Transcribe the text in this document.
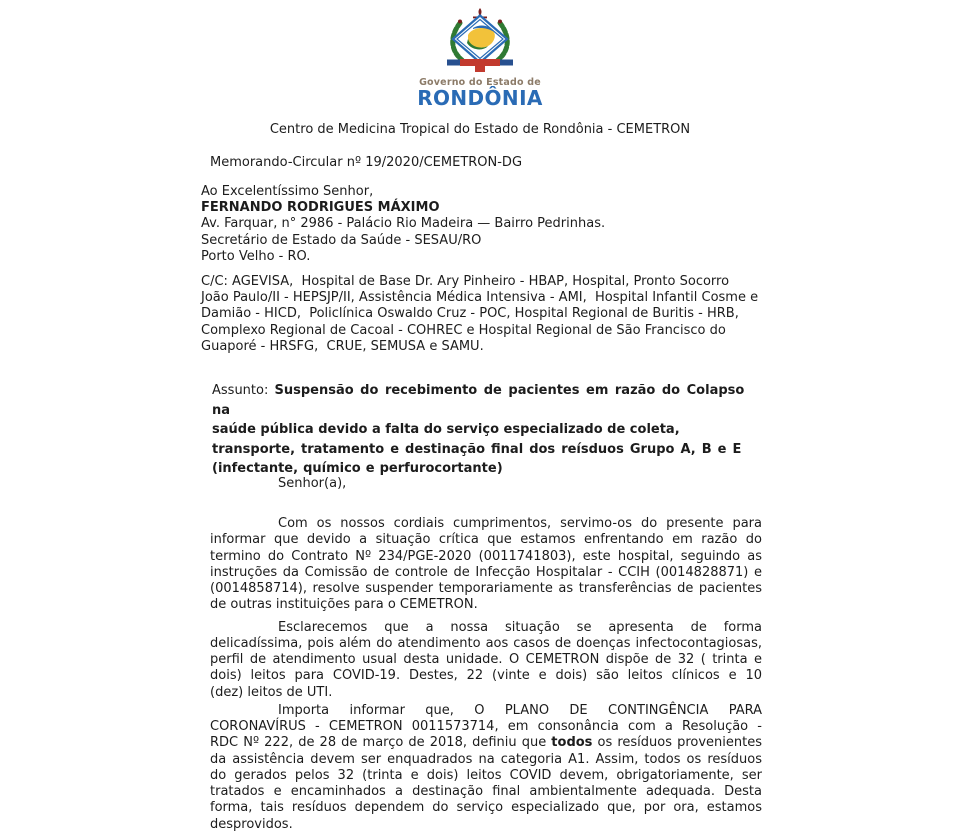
Governo do Estado de
RONDÔNIA
Centro de Medicina Tropical do Estado de Rondônia - CEMETRON
Memorando-Circular nº 19/2020/CEMETRON-DG
Ao Excelentíssimo Senhor,
FERNANDO RODRIGUES MÁXIMO
Av. Farquar, n° 2986 - Palácio Rio Madeira — Bairro Pedrinhas.
Secretário de Estado da Saúde - SESAU/RO
Porto Velho - RO.
C/C: AGEVISA,  Hospital de Base Dr. Ary Pinheiro - HBAP, Hospital, Pronto Socorro
João Paulo/II - HEPSJP/II, Assistência Médica Intensiva - AMI,  Hospital Infantil Cosme e
Damião - HICD,  Policlínica Oswaldo Cruz - POC, Hospital Regional de Buritis - HRB,
Complexo Regional de Cacoal - COHREC e Hospital Regional de São Francisco do
Guaporé - HRSFG,  CRUE, SEMUSA e SAMU.
Assunto: Suspensão do recebimento de pacientes em razão do Colapso na
saúde pública devido a falta do serviço especializado de coleta,
transporte, tratamento e destinação final dos reísduos Grupo A, B e E
(infectante, químico e perfurocortante)
Senhor(a),
Com os nossos cordiais cumprimentos, servimo-os do presente para
informar que devido a situação crítica que estamos enfrentando em razão do
termino do Contrato Nº 234/PGE-2020 (0011741803), este hospital, seguindo as
instruções da Comissão de controle de Infecção Hospitalar - CCIH (0014828871) e
(0014858714), resolve suspender temporariamente as transferências de pacientes
de outras instituições para o CEMETRON.
Esclarecemos que a nossa situação se apresenta de forma
delicadíssima, pois além do atendimento aos casos de doenças infectocontagiosas,
perfil de atendimento usual desta unidade. O CEMETRON dispõe de 32 ( trinta e
dois) leitos para COVID-19. Destes, 22 (vinte e dois) são leitos clínicos e 10
(dez) leitos de UTI.
Importa informar que, O PLANO DE CONTINGÊNCIA PARA
CORONAVÍRUS - CEMETRON 0011573714, em consonância com a Resolução -
RDC Nº 222, de 28 de março de 2018, definiu que todos os resíduos provenientes
da assistência devem ser enquadrados na categoria A1. Assim, todos os resíduos
do gerados pelos 32 (trinta e dois) leitos COVID devem, obrigatoriamente, ser
tratados e encaminhados a destinação final ambientalmente adequada. Desta
forma, tais resíduos dependem do serviço especializado que, por ora, estamos
desprovidos.
